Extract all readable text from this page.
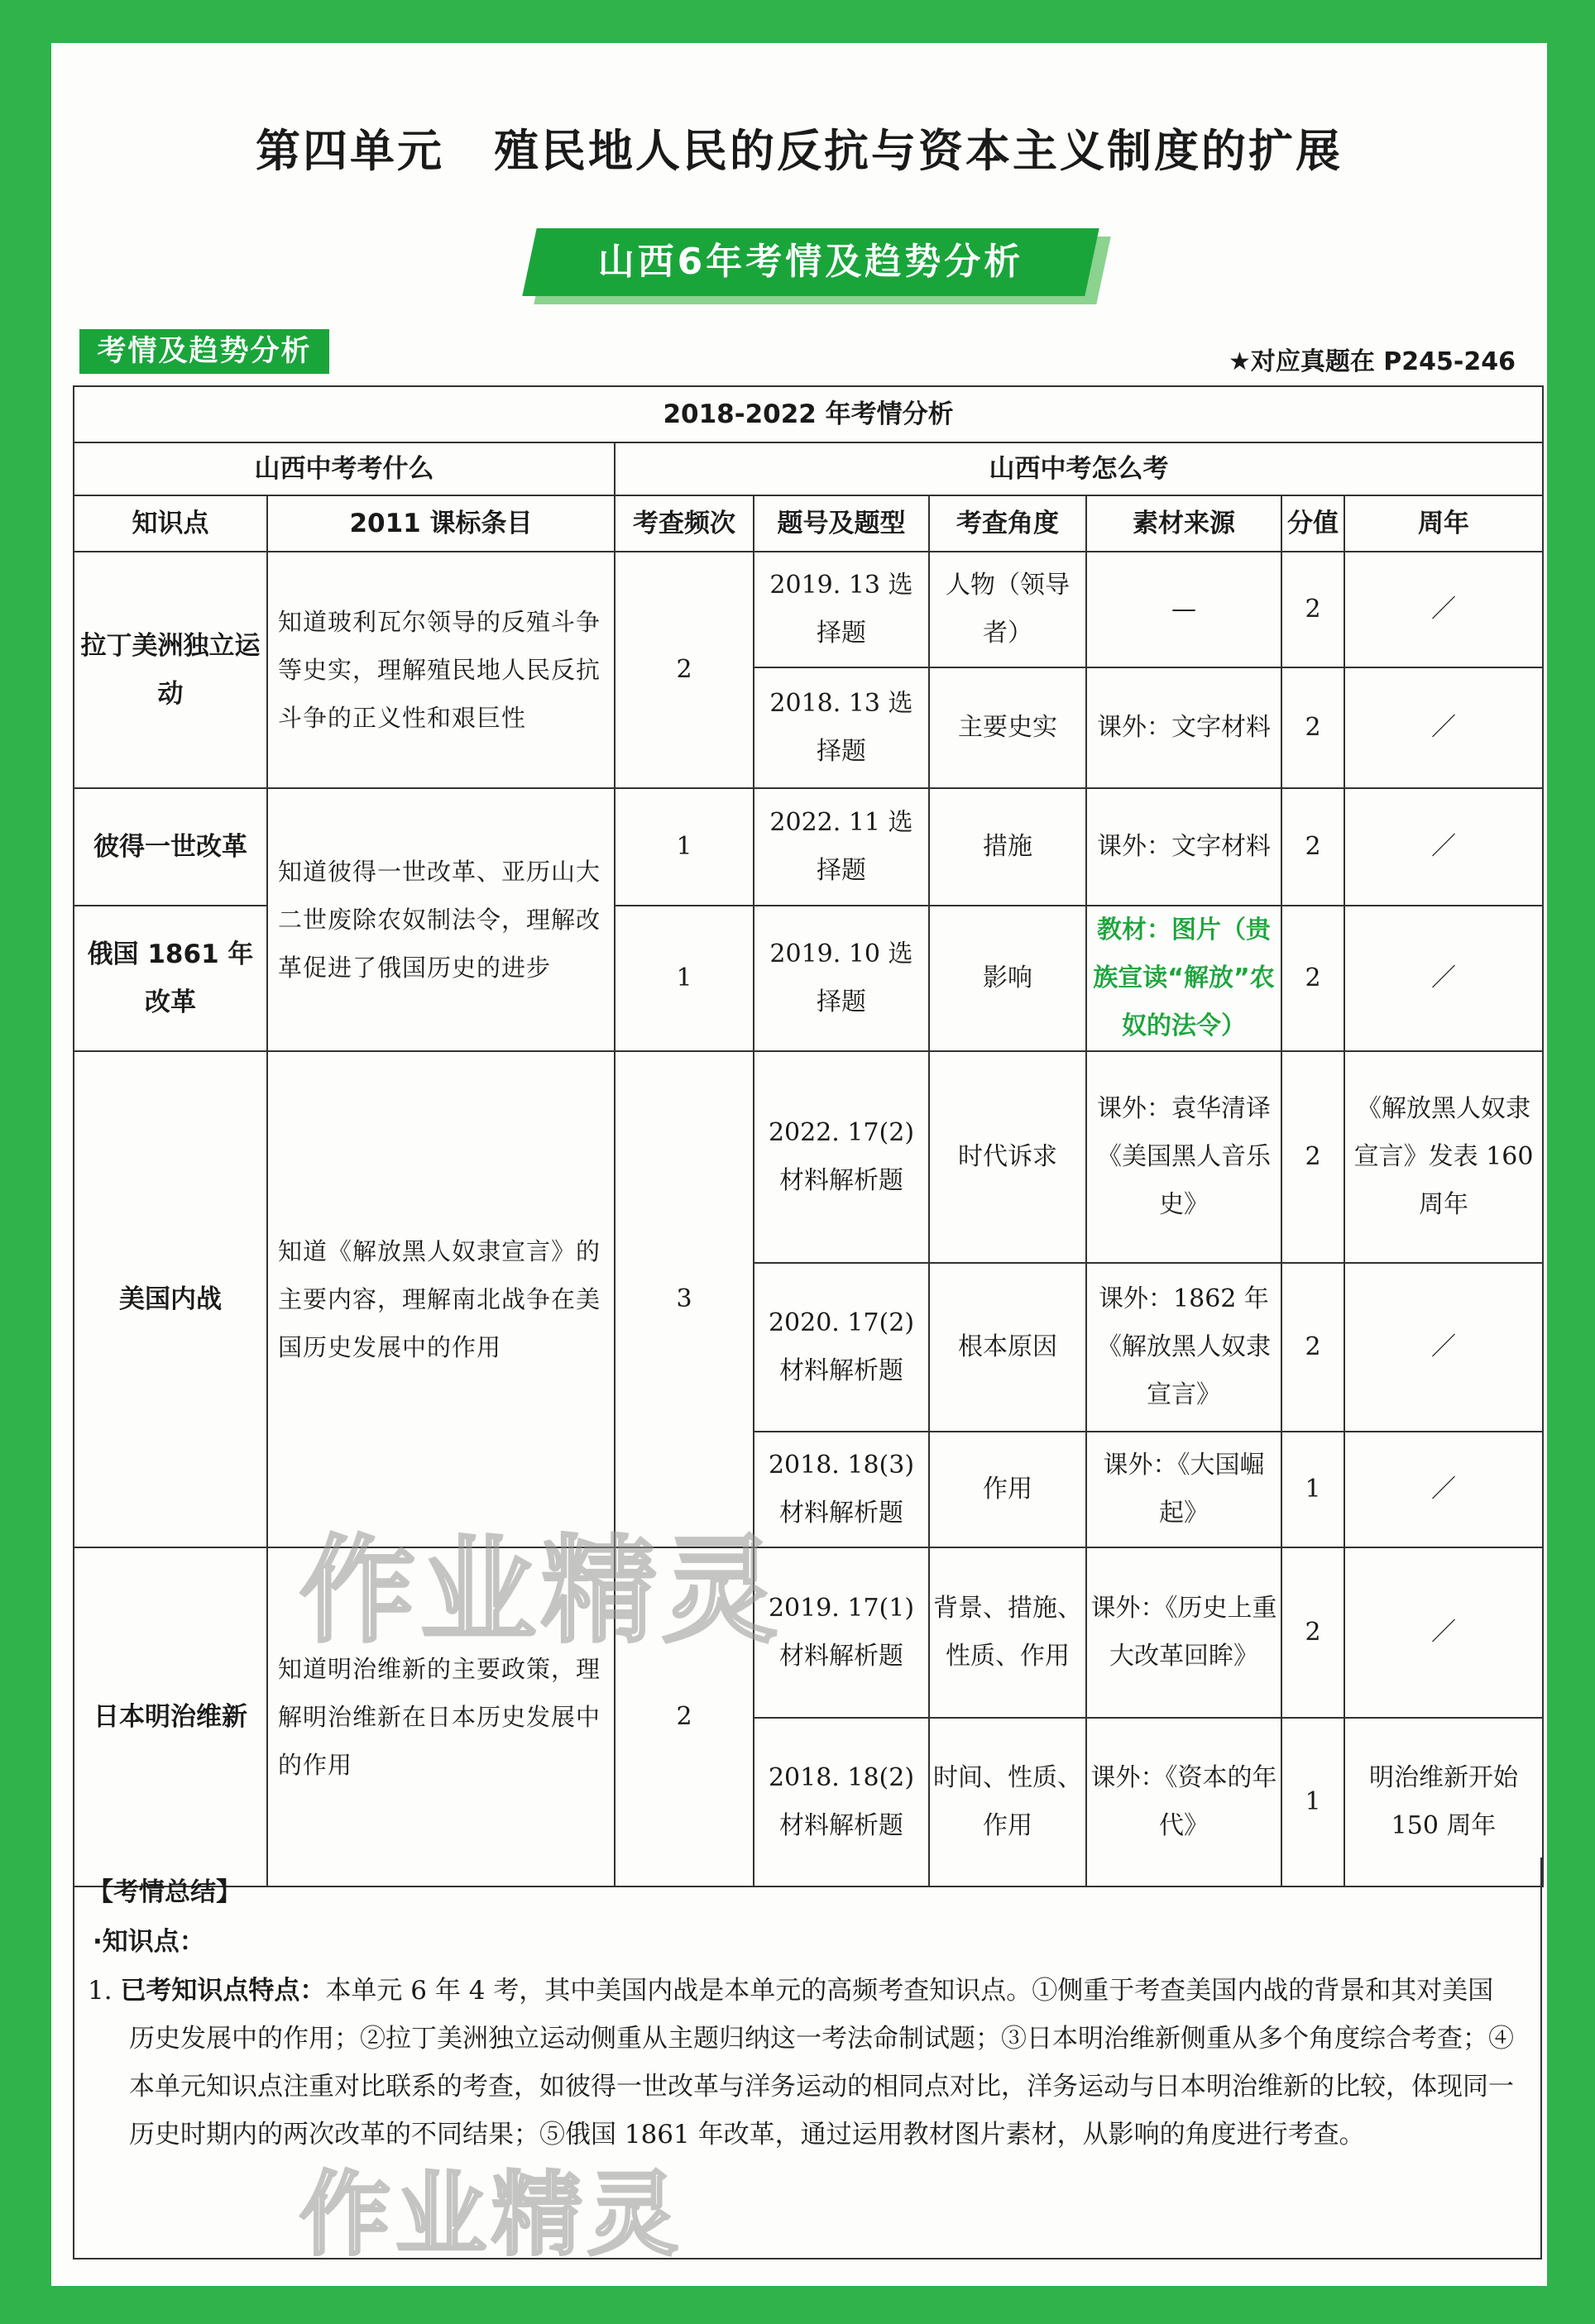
第四单元 殖民地人民的反抗与资本主义制度的扩展
山西6年考情及趋势分析
考情及趋势分析	★对应真题在 P245-246
2018-2022 年考情分析							
山西中考考什么		山西中考怎么考					
知识点	2011 课标条目	考查频次	题号及题型	考查角度	素材来源	分值	周年
拉丁美洲独立运动	知道玻利瓦尔领导的反殖斗争等史实，理解殖民地人民反抗斗争的正义性和艰巨性	2	2019. 13 选择题	人物（领导者）	—	2	／
			2018. 13 选择题	主要史实	课外：文字材料	2	／
彼得一世改革	知道彼得一世改革、亚历山大二世废除农奴制法令，理解改革促进了俄国历史的进步	1	2022. 11 选择题	措施	课外：文字材料	2	／
俄国 1861 年改革		1	2019. 10 选择题	影响	教材：图片（贵族宣读“解放”农奴的法令）	2	／
美国内战	知道《解放黑人奴隶宣言》的主要内容，理解南北战争在美国历史发展中的作用	3	2022. 17(2) 材料解析题	时代诉求	课外：袁华清译《美国黑人音乐史》	2	《解放黑人奴隶宣言》发表 160 周年
			2020. 17(2) 材料解析题	根本原因	课外：1862 年《解放黑人奴隶宣言》	2	／
			2018. 18(3) 材料解析题	作用	课外：《大国崛起》	1	／
日本明治维新	知道明治维新的主要政策，理解明治维新在日本历史发展中的作用	2	2019. 17(1) 材料解析题	背景、措施、性质、作用	课外：《历史上重大改革回眸》	2	／
			2018. 18(2) 材料解析题	时间、性质、作用	课外：《资本的年代》	1	明治维新开始 150 周年
【考情总结】
·知识点：

1. 已考知识点特点：本单元 6 年 4 考，其中美国内战是本单元的高频考查知识点。①侧重于考查美国内战的背景和其对美国历史发展中的作用；②拉丁美洲独立运动侧重从主题归纳这一考法命制试题；③日本明治维新侧重从多个角度综合考查；④本单元知识点注重对比联系的考查，如彼得一世改革与洋务运动的相同点对比，洋务运动与日本明治维新的比较，体现同一历史时期内的两次改革的不同结果；⑤俄国 1861 年改革，通过运用教材图片素材，从影响的角度进行考查。

作业精灵
作业精灵
